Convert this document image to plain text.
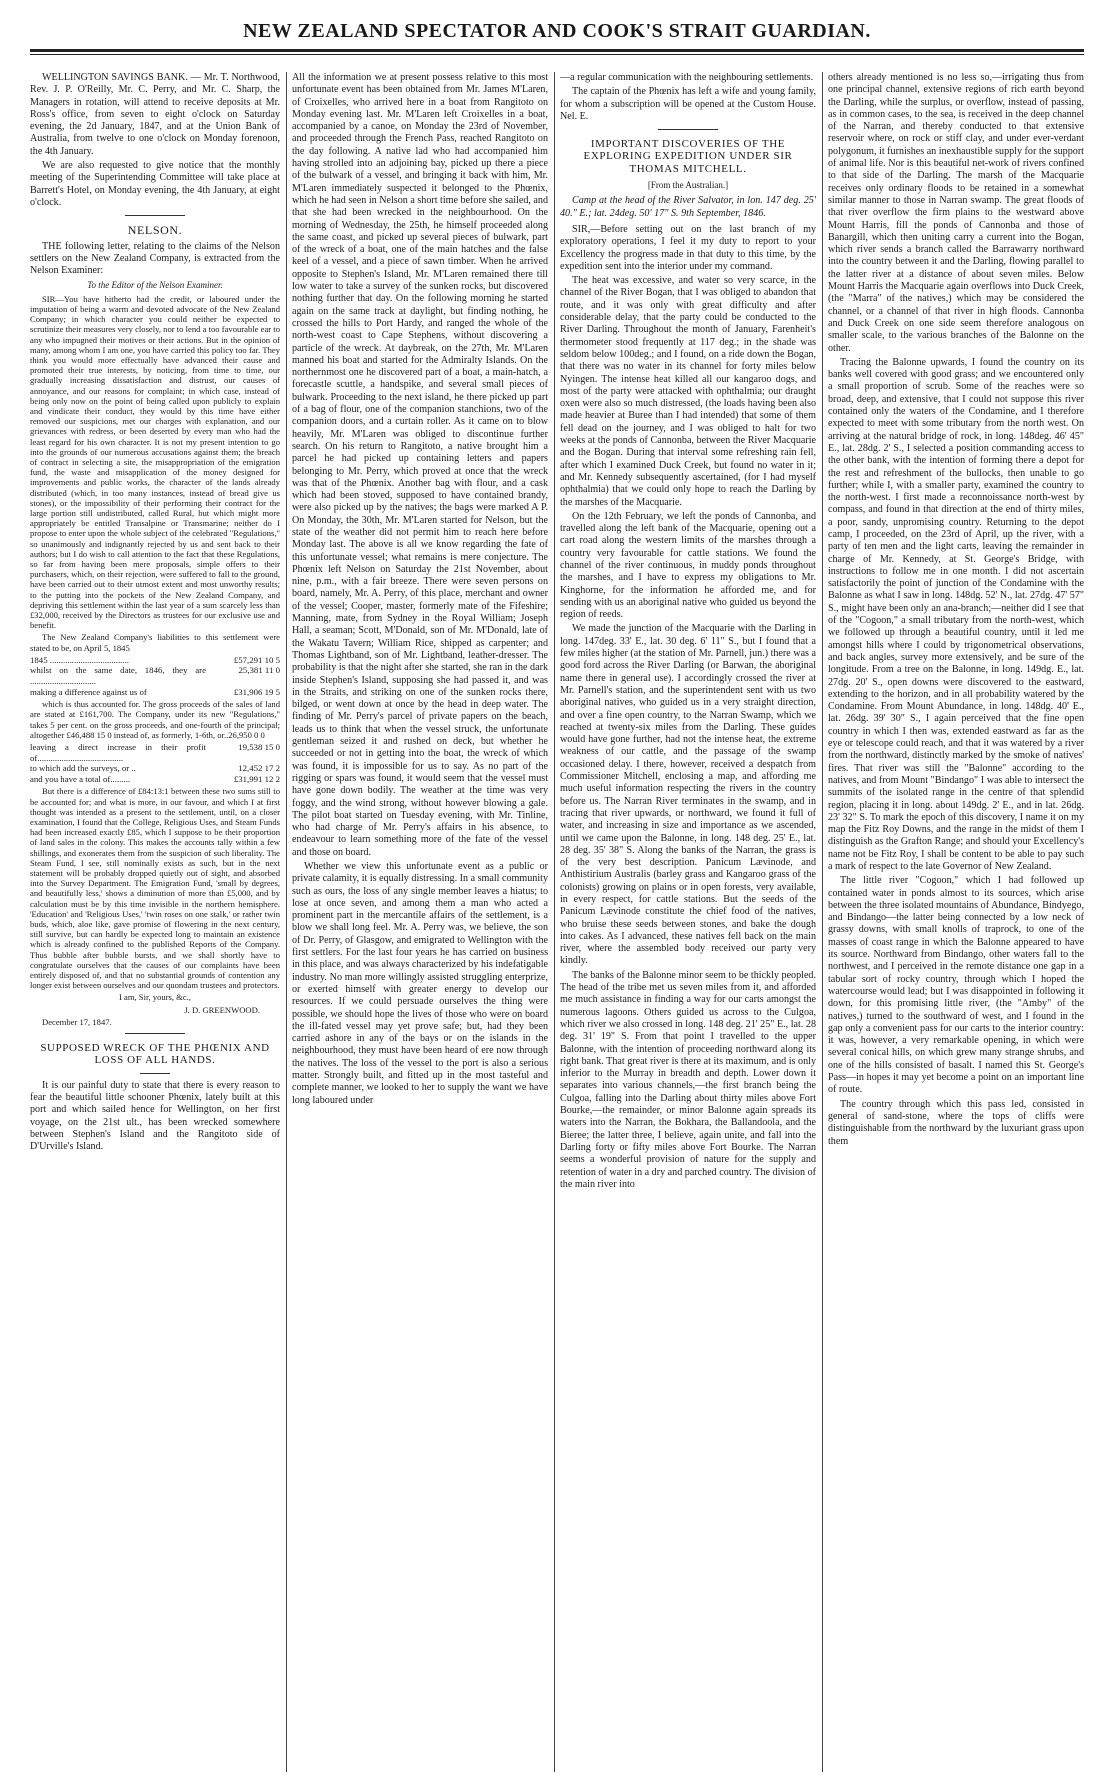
NEW ZEALAND SPECTATOR AND COOK'S STRAIT GUARDIAN.

WELLINGTON SAVINGS BANK. — Mr. T. Northwood, Rev. J. P. O'Reilly, Mr. C. Perry, and Mr. C. Sharp, the Managers in rotation, will attend to receive deposits at Mr. Ross's office, from seven to eight o'clock on Saturday evening, the 2d January, 1847, and at the Union Bank of Australia, from twelve to one o'clock on Monday forenoon, the 4th January.

We are also requested to give notice that the monthly meeting of the Superintending Committee will take place at Barrett's Hotel, on Monday evening, the 4th January, at eight o'clock.

NELSON.

THE following letter, relating to the claims of the Nelson settlers on the New Zealand Company, is extracted from the Nelson Examiner:

To the Editor of the Nelson Examiner.

SIR—You have hitherto had the credit, or laboured under the imputation of being a warm and devoted advocate of the New Zealand Company; in which character you could neither be expected to scrutinize their measures very closely, nor to lend a too favourable ear to any who impugned their motives or their actions. But in the opinion of many, among whom I am one, you have carried this policy too far. They think you would more effectually have advanced their cause and promoted their true interests, by noticing, from time to time, our gradually increasing dissatisfaction and distrust, our causes of annoyance, and our reasons for complaint; in which case, instead of being only now on the point of being called upon publicly to explain and vindicate their conduct, they would by this time have either removed our suspicions, met our charges with explanation, and our grievances with redress, or been deserted by every man who had the least regard for his own character. It is not my present intention to go into the grounds of our numerous accusations against them; the breach of contract in selecting a site, the misappropriation of the emigration fund, the waste and misapplication of the money designed for improvements and public works, the character of the lands already distributed (which, in too many instances, instead of bread give us stones), or the impossibility of their performing their contract for the large portion still undistributed, called Rural, but which might more appropriately be entitled Transalpine or Transmarine; neither do I propose to enter upon the whole subject of the celebrated "Regulations," so unanimously and indignantly rejected by us and sent back to their authors; but I do wish to call attention to the fact that these Regulations, so far from having been mere proposals, simple offers to their purchasers, which, on their rejection, were suffered to fall to the ground, have been carried out to their utmost extent and most unworthy results; to the putting into the pockets of the New Zealand Company, and depriving this settlement within the last year of a sum scarcely less than £32,000, received by the Directors as trustees for our exclusive use and benefit.

The New Zealand Company's liabilities to this settlement were stated to be, on April 5, 1845

1845 ....................................	£57,291 10 5
whilst on the same date, 1846, they are ..............................	25,381 11 0
making a difference against us of	£31,906 19 5

which is thus accounted for. The gross proceeds of the sales of land are stated at £161,700. The Company, under its new "Regulations," takes 5 per cent. on the gross proceeds, and one-fourth of the principal; altogether £46,488 15 0 instead of, as formerly, 1-6th, or..26,950 0 0

leaving a direct increase in their profit of.......................................	19,538 15 0
to which add the surveys, or ..	12,452 17 2
and you have a total of.........	£31,991 12 2

But there is a difference of £84:13:1 between these two sums still to be accounted for; and what is more, in our favour, and which I at first thought was intended as a present to the settlement, until, on a closer examination, I found that the College, Religious Uses, and Steam Funds had been increased exactly £85, which I suppose to be their proportion of land sales in the colony. This makes the accounts tally within a few shillings, and exonerates them from the suspicion of such liberality. The Steam Fund, I see, still nominally exists as such, but in the next statement will be probably dropped quietly out of sight, and absorbed into the Survey Department. The Emigration Fund, 'small by degrees, and beautifully less,' shows a diminution of more than £5,000, and by calculation must be by this time invisible in the northern hemisphere. 'Education' and 'Religious Uses,' 'twin roses on one stalk,' or rather twin buds, which, aloe like, gave promise of flowering in the next century, still survive, but can hardly be expected long to maintain an existence which is already confined to the published Reports of the Company. Thus bubble after bubble bursts, and we shall shortly have to congratulate ourselves that the causes of our complaints have been entirely disposed of, and that no substantial grounds of contention any longer exist between ourselves and our quondam trustees and protectors.

I am, Sir, yours, &c.,

J. D. GREENWOOD.

December 17, 1847.

SUPPOSED WRECK OF THE PHŒNIX AND LOSS OF ALL HANDS.

It is our painful duty to state that there is every reason to fear the beautiful little schooner Phœnix, lately built at this port and which sailed hence for Wellington, on her first voyage, on the 21st ult., has been wrecked somewhere between Stephen's Island and the Rangitoto side of D'Urville's Island.

All the information we at present possess relative to this most unfortunate event has been obtained from Mr. James M'Laren, of Croixelles, who arrived here in a boat from Rangitoto on Monday evening last. Mr. M'Laren left Croixelles in a boat, accompanied by a canoe, on Monday the 23rd of November, and proceeded through the French Pass, reached Rangitoto on the day following. A native lad who had accompanied him having strolled into an adjoining bay, picked up there a piece of the bulwark of a vessel, and bringing it back with him, Mr. M'Laren immediately suspected it belonged to the Phœnix, which he had seen in Nelson a short time before she sailed, and that she had been wrecked in the neighbourhood. On the morning of Wednesday, the 25th, he himself proceeded along the same coast, and picked up several pieces of bulwark, part of the wreck of a boat, one of the main hatches and the false keel of a vessel, and a piece of sawn timber. When he arrived opposite to Stephen's Island, Mr. M'Laren remained there till low water to take a survey of the sunken rocks, but discovered nothing further that day. On the following morning he started again on the same track at daylight, but finding nothing, he crossed the hills to Port Hardy, and ranged the whole of the north-west coast to Cape Stephens, without discovering a particle of the wreck. At daybreak, on the 27th, Mr. M'Laren manned his boat and started for the Admiralty Islands. On the northernmost one he discovered part of a boat, a main-hatch, a forecastle scuttle, a handspike, and several small pieces of bulwark. Proceeding to the next island, he there picked up part of a bag of flour, one of the companion stanchions, two of the companion doors, and a curtain roller. As it came on to blow heavily, Mr. M'Laren was obliged to discontinue further search. On his return to Rangitoto, a native brought him a parcel he had picked up containing letters and papers belonging to Mr. Perry, which proved at once that the wreck was that of the Phœnix. Another bag with flour, and a cask which had been stoved, supposed to have contained brandy, were also picked up by the natives; the bags were marked A P. On Monday, the 30th, Mr. M'Laren started for Nelson, but the state of the weather did not permit him to reach here before Monday last. The above is all we know regarding the fate of this unfortunate vessel; what remains is mere conjecture. The Phœnix left Nelson on Saturday the 21st November, about nine, p.m., with a fair breeze. There were seven persons on board, namely, Mr. A. Perry, of this place, merchant and owner of the vessel; Cooper, master, formerly mate of the Fifeshire; Manning, mate, from Sydney in the Royal William; Joseph Hall, a seaman; Scott, M'Donald, son of Mr. M'Donald, late of the Wakatu Tavern; William Rice, shipped as carpenter; and Thomas Lightband, son of Mr. Lightband, leather-dresser. The probability is that the night after she started, she ran in the dark inside Stephen's Island, supposing she had passed it, and was in the Straits, and striking on one of the sunken rocks there, bilged, or went down at once by the head in deep water. The finding of Mr. Perry's parcel of private papers on the beach, leads us to think that when the vessel struck, the unfortunate gentleman seized it and rushed on deck, but whether he succeeded or not in getting into the boat, the wreck of which was found, it is impossible for us to say. As no part of the rigging or spars was found, it would seem that the vessel must have gone down bodily. The weather at the time was very foggy, and the wind strong, without however blowing a gale. The pilot boat started on Tuesday evening, with Mr. Tinline, who had charge of Mr. Perry's affairs in his absence, to endeavour to learn something more of the fate of the vessel and those on board.

Whether we view this unfortunate event as a public or private calamity, it is equally distressing. In a small community such as ours, the loss of any single member leaves a hiatus; to lose at once seven, and among them a man who acted a prominent part in the mercantile affairs of the settlement, is a blow we shall long feel. Mr. A. Perry was, we believe, the son of Dr. Perry, of Glasgow, and emigrated to Wellington with the first settlers. For the last four years he has carried on business in this place, and was always characterized by his indefatigable industry. No man more willingly assisted struggling enterprize, or exerted himself with greater energy to develop our resources. If we could persuade ourselves the thing were possible, we should hope the lives of those who were on board the ill-fated vessel may yet prove safe; but, had they been carried ashore in any of the bays or on the islands in the neighbourhood, they must have been heard of ere now through the natives. The loss of the vessel to the port is also a serious matter. Strongly built, and fitted up in the most tasteful and complete manner, we looked to her to supply the want we have long laboured under

—a regular communication with the neighbouring settlements.

The captain of the Phœnix has left a wife and young family, for whom a subscription will be opened at the Custom House. Nel. E.

IMPORTANT DISCOVERIES OF THE EXPLORING EXPEDITION UNDER SIR THOMAS MITCHELL.

[From the Australian.]

Camp at the head of the River Salvator, in lon. 147 deg. 25' 40." E.; lat. 24deg. 50' 17" S. 9th September, 1846.

SIR,—Before setting out on the last branch of my exploratory operations, I feel it my duty to report to your Excellency the progress made in that duty to this time, by the expedition sent into the interior under my command.

The heat was excessive, and water so very scarce, in the channel of the River Bogan, that I was obliged to abandon that route, and it was only with great difficulty and after considerable delay, that the party could be conducted to the River Darling. Throughout the month of January, Farenheit's thermometer stood frequently at 117 deg.; in the shade was seldom below 100deg.; and I found, on a ride down the Bogan, that there was no water in its channel for forty miles below Nyingen. The intense heat killed all our kangaroo dogs, and most of the party were attacked with ophthalmia; our draught oxen were also so much distressed, (the loads having been also made heavier at Buree than I had intended) that some of them fell dead on the journey, and I was obliged to halt for two weeks at the ponds of Cannonba, between the River Macquarie and the Bogan. During that interval some refreshing rain fell, after which I examined Duck Creek, but found no water in it; and Mr. Kennedy subsequently ascertained, (for I had myself ophthalmia) that we could only hope to reach the Darling by the marshes of the Macquarie.

On the 12th February, we left the ponds of Cannonba, and travelled along the left bank of the Macquarie, opening out a cart road along the western limits of the marshes through a country very favourable for cattle stations. We found the channel of the river continuous, in muddy ponds throughout the marshes, and I have to express my obligations to Mr. Kinghorne, for the information he afforded me, and for sending with us an aboriginal native who guided us beyond the region of reeds.

We made the junction of the Macquarie with the Darling in long. 147deg. 33' E., lat. 30 deg. 6' 11" S., but I found that a few miles higher (at the station of Mr. Parnell, jun.) there was a good ford across the River Darling (or Barwan, the aboriginal name there in general use). I accordingly crossed the river at Mr. Parnell's station, and the superintendent sent with us two aboriginal natives, who guided us in a very straight direction, and over a fine open country, to the Narran Swamp, which we reached at twenty-six miles from the Darling. These guides would have gone further, had not the intense heat, the extreme weakness of our cattle, and the passage of the swamp occasioned delay. I there, however, received a despatch from Commissioner Mitchell, enclosing a map, and affording me much useful information respecting the rivers in the country before us. The Narran River terminates in the swamp, and in tracing that river upwards, or northward, we found it full of water, and increasing in size and importance as we ascended, until we came upon the Balonne, in long. 148 deg. 25' E., lat. 28 deg. 35' 38" S. Along the banks of the Narran, the grass is of the very best description. Panicum Lævinode, and Anthistirium Australis (barley grass and Kangaroo grass of the colonists) growing on plains or in open forests, very available, in every respect, for cattle stations. But the seeds of the Panicum Lævinode constitute the chief food of the natives, who bruise these seeds between stones, and bake the dough into cakes. As I advanced, these natives fell back on the main river, where the assembled body received our party very kindly.

The banks of the Balonne minor seem to be thickly peopled. The head of the tribe met us seven miles from it, and afforded me much assistance in finding a way for our carts amongst the numerous lagoons. Others guided us across to the Culgoa, which river we also crossed in long. 148 deg. 21' 25" E., lat. 28 deg. 31' 19" S. From that point I travelled to the upper Balonne, with the intention of proceeding northward along its right bank. That great river is there at its maximum, and is only inferior to the Murray in breadth and depth. Lower down it separates into various channels,—the first branch being the Culgoa, falling into the Darling about thirty miles above Fort Bourke,—the remainder, or minor Balonne again spreads its waters into the Narran, the Bokhara, the Ballandoola, and the Bieree; the latter three, I believe, again unite, and fall into the Darling forty or fifty miles above Fort Bourke. The Narran seems a wonderful provision of nature for the supply and retention of water in a dry and parched country. The division of the main river into

others already mentioned is no less so,—irrigating thus from one principal channel, extensive regions of rich earth beyond the Darling, while the surplus, or overflow, instead of passing, as in common cases, to the sea, is received in the deep channel of the Narran, and thereby conducted to that extensive reservoir where, on rock or stiff clay, and under ever-verdant polygonum, it furnishes an inexhaustible supply for the support of animal life. Nor is this beautiful net-work of rivers confined to that side of the Darling. The marsh of the Macquarie receives only ordinary floods to be retained in a somewhat similar manner to those in Narran swamp. The great floods of that river overflow the firm plains to the westward above Mount Harris, fill the ponds of Cannonba and those of Banargill, which then uniting carry a current into the Bogan, which river sends a branch called the Barrawarry northward into the country between it and the Darling, flowing parallel to the latter river at a distance of about seven miles. Below Mount Harris the Macquarie again overflows into Duck Creek, (the "Marra" of the natives,) which may be considered the channel, or a channel of that river in high floods. Cannonba and Duck Creek on one side seem therefore analogous on smaller scale, to the various branches of the Balonne on the other.

Tracing the Balonne upwards, I found the country on its banks well covered with good grass; and we encountered only a small proportion of scrub. Some of the reaches were so broad, deep, and extensive, that I could not suppose this river contained only the waters of the Condamine, and I therefore expected to meet with some tributary from the north west. On arriving at the natural bridge of rock, in long. 148deg. 46' 45" E., lat. 28dg. 2' S., I selected a position commanding access to the other bank, with the intention of forming there a depot for the rest and refreshment of the bullocks, then unable to go further; while I, with a smaller party, examined the country to the north-west. I first made a reconnoissance north-west by compass, and found in that direction at the end of thirty miles, a poor, sandy, unpromising country. Returning to the depot camp, I proceeded, on the 23rd of April, up the river, with a party of ten men and the light carts, leaving the remainder in charge of Mr. Kennedy, at St. George's Bridge, with instructions to follow me in one month. I did not ascertain satisfactorily the point of junction of the Condamine with the Balonne as what I saw in long. 148dg. 52' N., lat. 27dg. 47' 57" S., might have been only an ana-branch;—neither did I see that of the "Cogoon," a small tributary from the north-west, which we followed up through a beautiful country, until it led me amongst hills where I could by trigonometrical observations, and back angles, survey more extensively, and be sure of the longitude. From a tree on the Balonne, in long. 149dg. E., lat. 27dg. 20' S., open downs were discovered to the eastward, extending to the horizon, and in all probability watered by the Condamine. From Mount Abundance, in long. 148dg. 40' E., lat. 26dg. 39' 30" S., I again perceived that the fine open country in which I then was, extended eastward as far as the eye or telescope could reach, and that it was watered by a river from the northward, distinctly marked by the smoke of natives' fires. That river was still the "Balonne" according to the natives, and from Mount "Bindango" I was able to intersect the summits of the isolated range in the centre of that splendid region, placing it in long. about 149dg. 2' E., and in lat. 26dg. 23' 32" S. To mark the epoch of this discovery, I name it on my map the Fitz Roy Downs, and the range in the midst of them I distinguish as the Grafton Range; and should your Excellency's name not be Fitz Roy, I shall be content to be able to pay such a mark of respect to the late Governor of New Zealand.

The little river "Cogoon," which I had followed up contained water in ponds almost to its sources, which arise between the three isolated mountains of Abundance, Bindyego, and Bindango—the latter being connected by a low neck of grassy downs, with small knolls of traprock, to one of the masses of coast range in which the Balonne appeared to have its source. Northward from Bindango, other waters fall to the northwest, and I perceived in the remote distance one gap in a tabular sort of rocky country, through which I hoped the watercourse would lead; but I was disappointed in following it down, for this promising little river, (the "Amby" of the natives,) turned to the southward of west, and I found in the gap only a convenient pass for our carts to the interior country: it was, however, a very remarkable opening, in which were several conical hills, on which grew many strange shrubs, and one of the hills consisted of basalt. I named this St. George's Pass—in hopes it may yet become a point on an important line of route.

The country through which this pass led, consisted in general of sand-stone, where the tops of cliffs were distinguishable from the northward by the luxuriant grass upon them
